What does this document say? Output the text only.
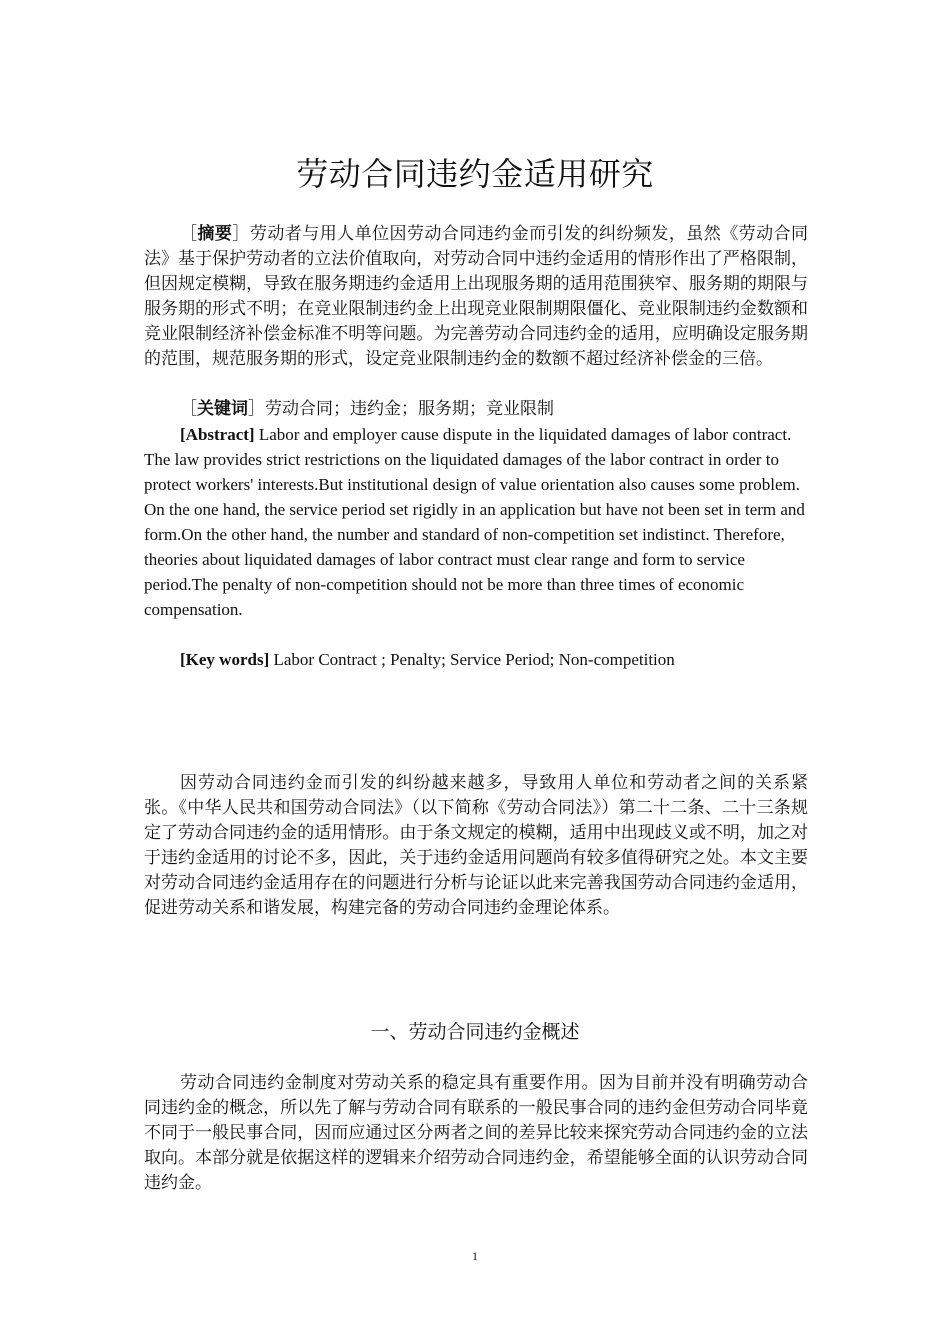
劳动合同违约金适用研究

［摘要］劳动者与用人单位因劳动合同违约金而引发的纠纷频发，虽然《劳动合同法》基于保护劳动者的立法价值取向，对劳动合同中违约金适用的情形作出了严格限制，但因规定模糊，导致在服务期违约金适用上出现服务期的适用范围狭窄、服务期的期限与服务期的形式不明；在竞业限制违约金上出现竞业限制期限僵化、竞业限制违约金数额和竞业限制经济补偿金标准不明等问题。为完善劳动合同违约金的适用，应明确设定服务期的范围，规范服务期的形式，设定竞业限制违约金的数额不超过经济补偿金的三倍。

［关键词］劳动合同；违约金；服务期；竞业限制

[Abstract] Labor and employer cause dispute in the liquidated damages of labor contract. The law provides strict restrictions on the liquidated damages of the labor contract in order to protect workers' interests.But institutional design of value orientation also causes some problem. On the one hand, the service period set rigidly in an application but have not been set in term and form.On the other hand, the number and standard of non-competition set indistinct. Therefore, theories about liquidated damages of labor contract must clear range and form to service period.The penalty of non-competition should not be more than three times of economic compensation.

[Key words] Labor Contract ; Penalty; Service Period; Non-competition

因劳动合同违约金而引发的纠纷越来越多，导致用人单位和劳动者之间的关系紧张。《中华人民共和国劳动合同法》（以下简称《劳动合同法》）第二十二条、二十三条规定了劳动合同违约金的适用情形。由于条文规定的模糊，适用中出现歧义或不明，加之对于违约金适用的讨论不多，因此，关于违约金适用问题尚有较多值得研究之处。本文主要对劳动合同违约金适用存在的问题进行分析与论证以此来完善我国劳动合同违约金适用，促进劳动关系和谐发展，构建完备的劳动合同违约金理论体系。

一、劳动合同违约金概述

劳动合同违约金制度对劳动关系的稳定具有重要作用。因为目前并没有明确劳动合同违约金的概念，所以先了解与劳动合同有联系的一般民事合同的违约金但劳动合同毕竟不同于一般民事合同，因而应通过区分两者之间的差异比较来探究劳动合同违约金的立法取向。本部分就是依据这样的逻辑来介绍劳动合同违约金，希望能够全面的认识劳动合同违约金。

1
